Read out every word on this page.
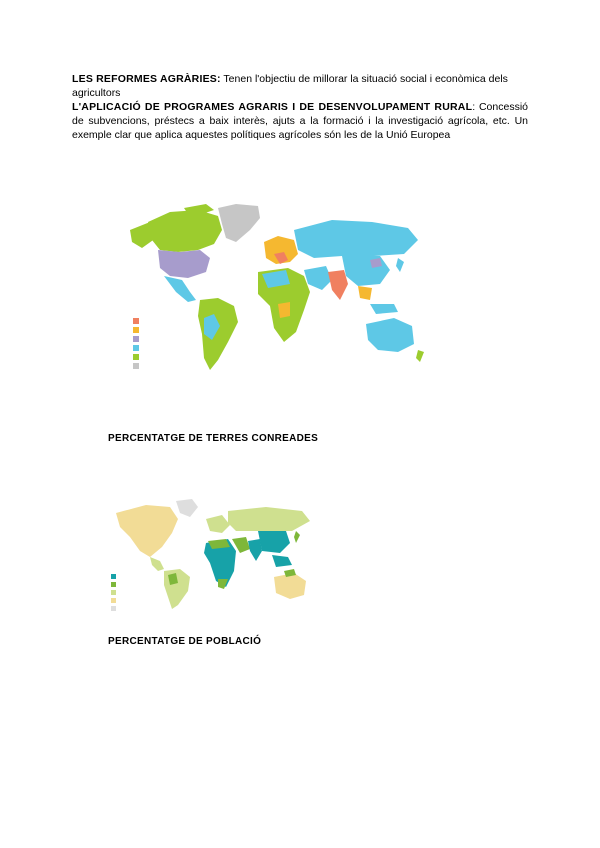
LES REFORMES AGRÀRIES: Tenen l'objectiu de millorar la situació social i econòmica dels agricultors
L'APLICACIÓ DE PROGRAMES AGRARIS I DE DESENVOLUPAMENT RURAL: Concessió de subvencions, préstecs a baix interès, ajuts a la formació i la investigació agrícola, etc. Un exemple clar que aplica aquestes polítiques agrícoles són les de la Unió Europea
PERCENTATGE DE TERRES CONREADES
PERCENTATGE DE POBLACIÓ
